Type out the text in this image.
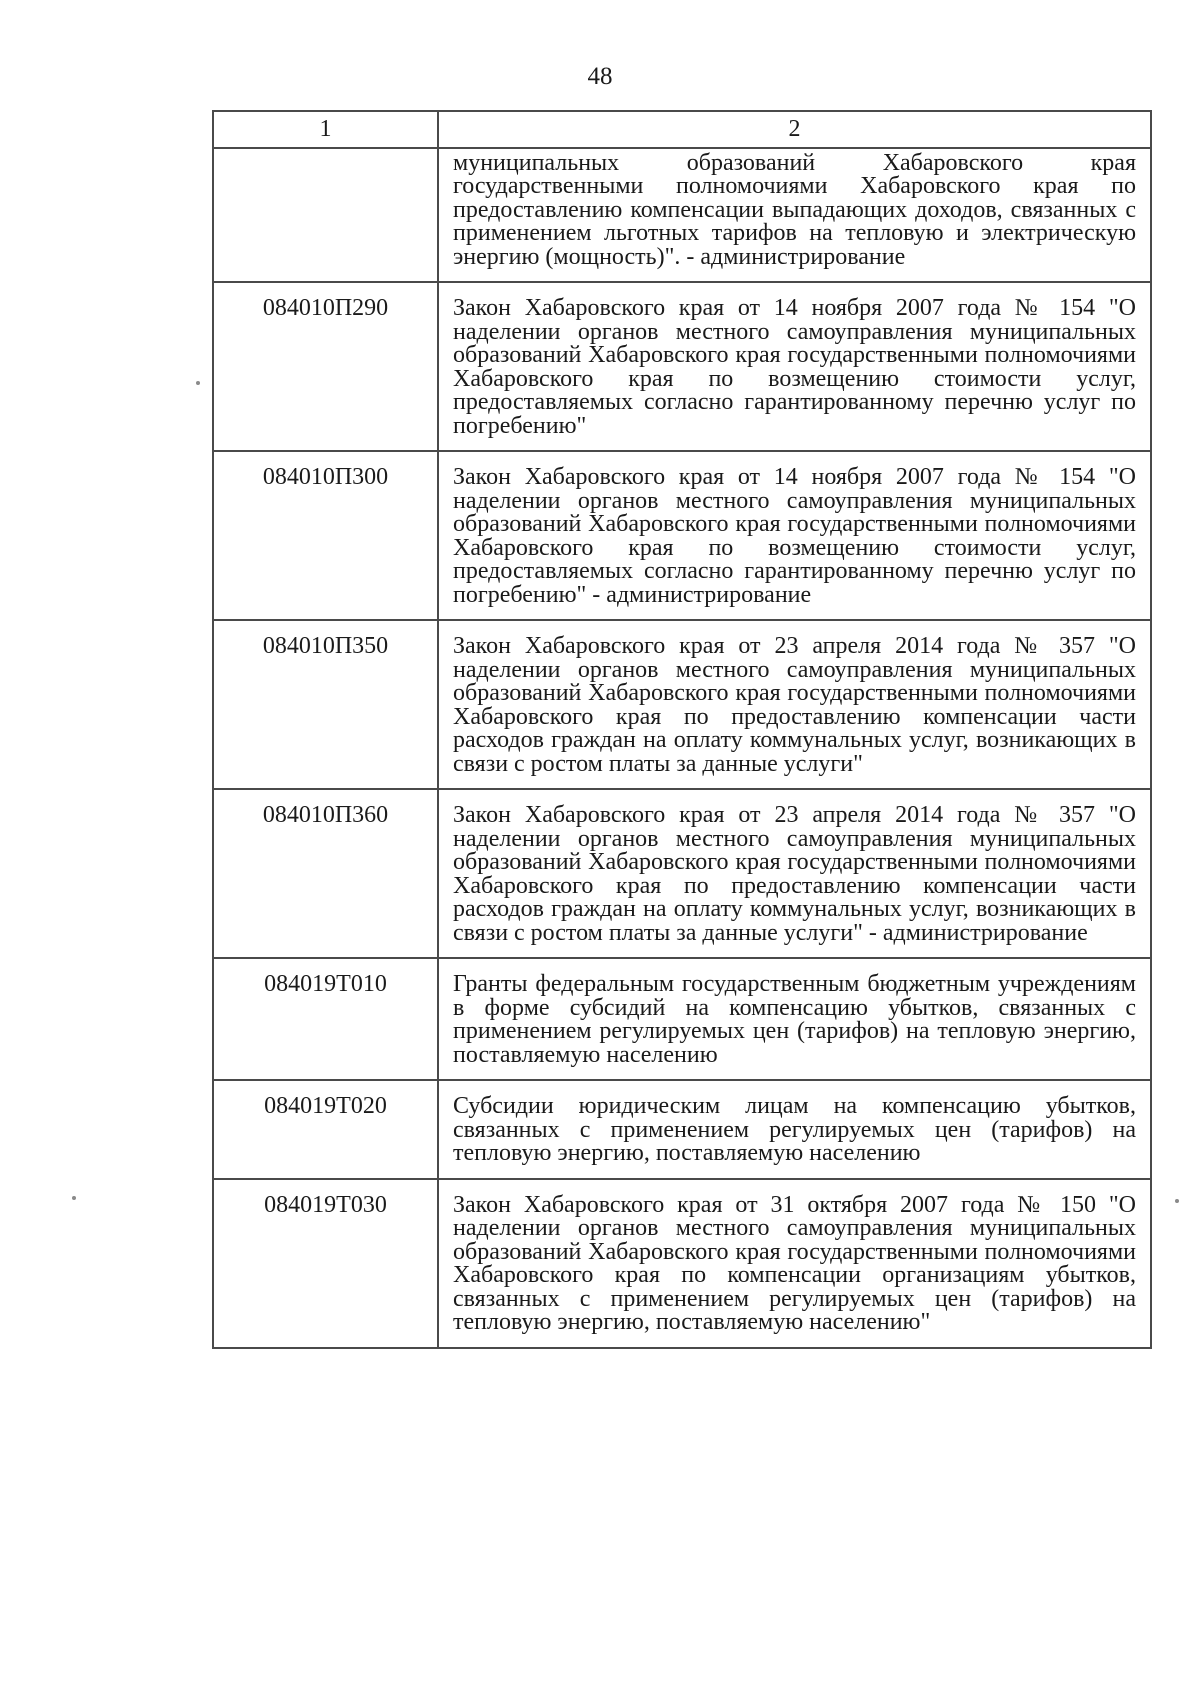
48
1	2
	муниципальных образований Хабаровского края государственными полномочиями Хабаровского края по предоставлению компенсации выпадающих доходов, связанных с применением льготных тарифов на тепловую и электрическую энергию (мощность)". - администрирование
084010П290	Закон Хабаровского края от 14 ноября 2007 года № 154 "О наделении органов местного самоуправления муниципальных образований Хабаровского края государственными полномочиями Хабаровского края по возмещению стоимости услуг, предоставляемых согласно гарантированному перечню услуг по погребению"
084010П300	Закон Хабаровского края от 14 ноября 2007 года № 154 "О наделении органов местного самоуправления муниципальных образований Хабаровского края государственными полномочиями Хабаровского края по возмещению стоимости услуг, предоставляемых согласно гарантированному перечню услуг по погребению" - администрирование
084010П350	Закон Хабаровского края от 23 апреля 2014 года № 357 "О наделении органов местного самоуправления муниципальных образований Хабаровского края государственными полномочиями Хабаровского края по предоставлению компенсации части расходов граждан на оплату коммунальных услуг, возникающих в связи с ростом платы за данные услуги"
084010П360	Закон Хабаровского края от 23 апреля 2014 года № 357 "О наделении органов местного самоуправления муниципальных образований Хабаровского края государственными полномочиями Хабаровского края по предоставлению компенсации части расходов граждан на оплату коммунальных услуг, возникающих в связи с ростом платы за данные услуги" - администрирование
084019Т010	Гранты федеральным государственным бюджетным учреждениям в форме субсидий на компенсацию убытков, связанных с применением регулируемых цен (тарифов) на тепловую энергию, поставляемую населению
084019Т020	Субсидии юридическим лицам на компенсацию убытков, связанных с применением регулируемых цен (тарифов) на тепловую энергию, поставляемую населению
084019Т030	Закон Хабаровского края от 31 октября 2007 года № 150 "О наделении органов местного самоуправления муниципальных образований Хабаровского края государственными полномочиями Хабаровского края по компенсации организациям убытков, связанных с применением регулируемых цен (тарифов) на тепловую энергию, поставляемую населению"
